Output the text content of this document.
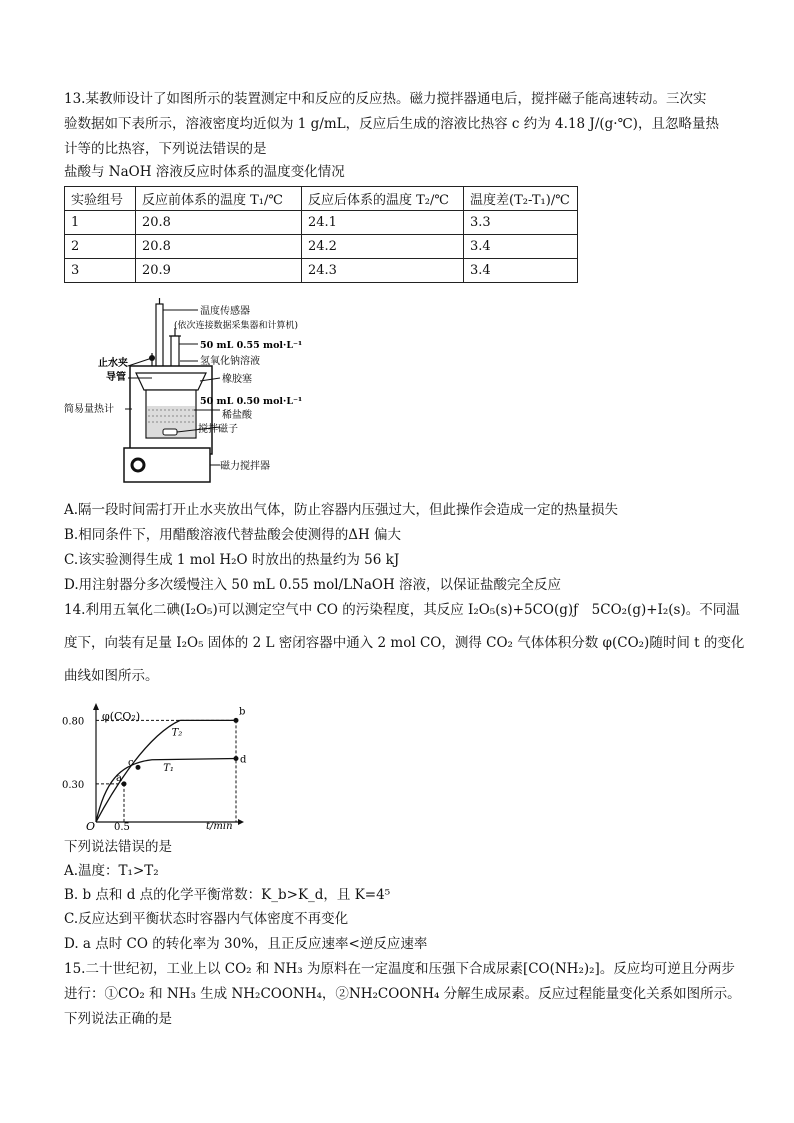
13.某教师设计了如图所示的装置测定中和反应的反应热。磁力搅拌器通电后，搅拌磁子能高速转动。三次实
验数据如下表所示，溶液密度均近似为 1 g/mL，反应后生成的溶液比热容 c 约为 4.18 J/(g·℃)，且忽略量热
计等的比热容，下列说法错误的是
盐酸与 NaOH 溶液反应时体系的温度变化情况
实验组号	反应前体系的温度 T₁/℃	反应后体系的温度 T₂/℃	温度差(T₂-T₁)/℃
1	20.8	24.1	3.3
2	20.8	24.2	3.4
3	20.9	24.3	3.4
温度传感器
(依次连接数据采集器和计算机)
50 mL 0.55 mol·L⁻¹
氢氧化钠溶液
止水夹
导管	橡胶塞
简易量热计
50 mL 0.50 mol·L⁻¹
稀盐酸
搅拌磁子
磁力搅拌器
A.隔一段时间需打开止水夹放出气体，防止容器内压强过大，但此操作会造成一定的热量损失
B.相同条件下，用醋酸溶液代替盐酸会使测得的ΔH 偏大
C.该实验测得生成 1 mol H₂O 时放出的热量约为 56 kJ
D.用注射器分多次缓慢注入 50 mL 0.55 mol/LNaOH 溶液，以保证盐酸完全反应
14.利用五氧化二碘(I₂O₅)可以测定空气中 CO 的污染程度，其反应 I₂O₅(s)+5CO(g)ƒ　5CO₂(g)+I₂(s)。不同温
度下，向装有足量 I₂O₅ 固体的 2 L 密闭容器中通入 2 mol CO，测得 CO₂ 气体体积分数 φ(CO₂)随时间 t 的变化
曲线如图所示。
φ(CO₂)
t/min
O
0.80
0.30
0.5
T₂
T₁
a
c
b
d
下列说法错误的是
A.温度：T₁>T₂
B. b 点和 d 点的化学平衡常数：K_b>K_d，且 K=4⁵
C.反应达到平衡状态时容器内气体密度不再变化
D. a 点时 CO 的转化率为 30%，且正反应速率<逆反应速率
15.二十世纪初，工业上以 CO₂ 和 NH₃ 为原料在一定温度和压强下合成尿素[CO(NH₂)₂]。反应均可逆且分两步
进行：①CO₂ 和 NH₃ 生成 NH₂COONH₄，②NH₂COONH₄ 分解生成尿素。反应过程能量变化关系如图所示。
下列说法正确的是
